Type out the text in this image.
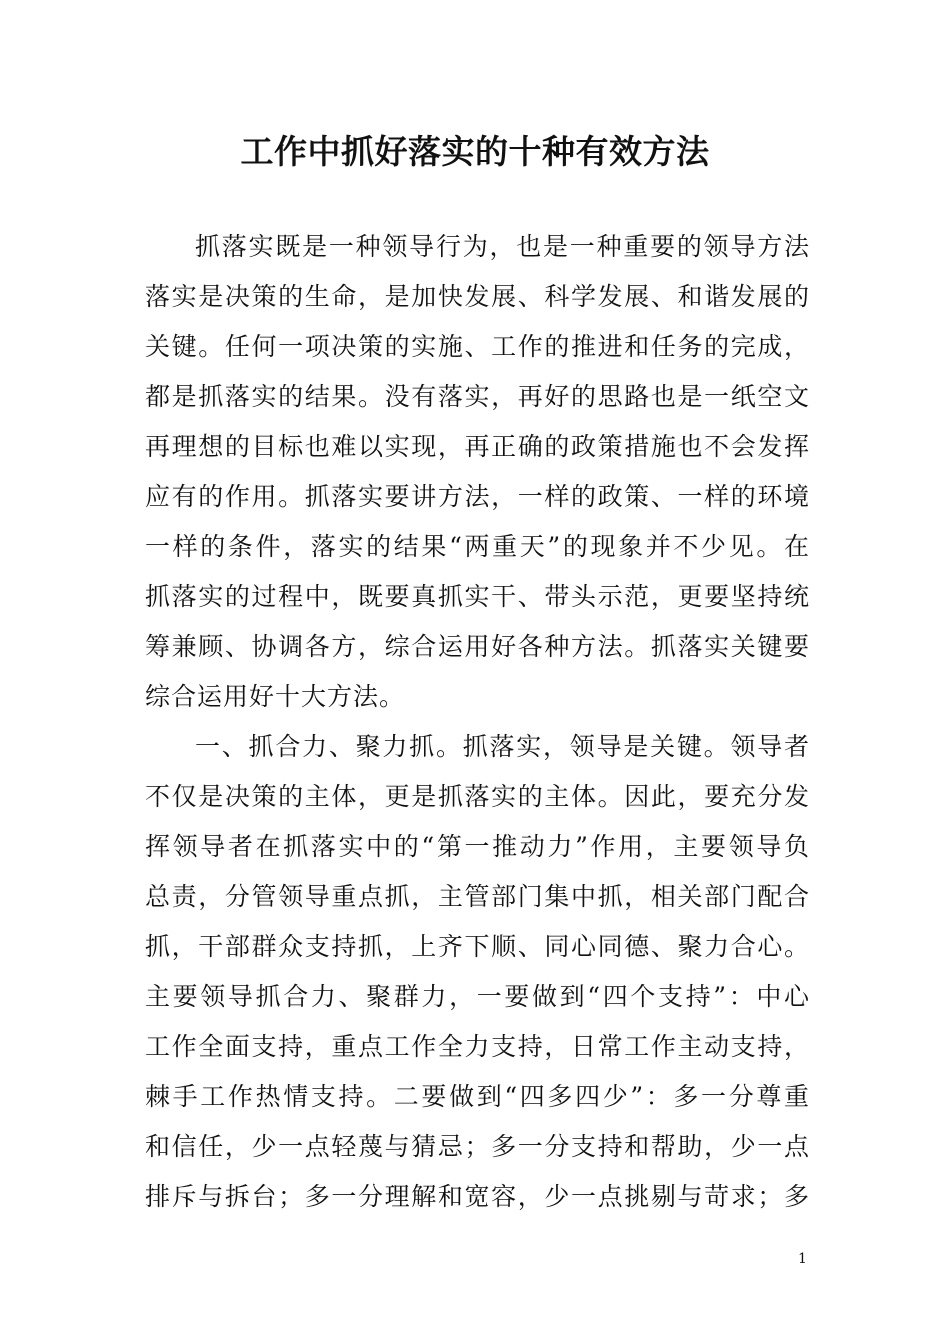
工作中抓好落实的十种有效方法

抓落实既是一种领导行为，也是一种重要的领导方法

落实是决策的生命，是加快发展、科学发展、和谐发展的

关键。任何一项决策的实施、工作的推进和任务的完成，

都是抓落实的结果。没有落实，再好的思路也是一纸空文

再理想的目标也难以实现，再正确的政策措施也不会发挥

应有的作用。抓落实要讲方法，一样的政策、一样的环境

一样的条件，落实的结果“两重天”的现象并不少见。在

抓落实的过程中，既要真抓实干、带头示范，更要坚持统

筹兼顾、协调各方，综合运用好各种方法。抓落实关键要

综合运用好十大方法。

一、抓合力、聚力抓。抓落实，领导是关键。领导者

不仅是决策的主体，更是抓落实的主体。因此，要充分发

挥领导者在抓落实中的“第一推动力”作用，主要领导负

总责，分管领导重点抓，主管部门集中抓，相关部门配合

抓，干部群众支持抓，上齐下顺、同心同德、聚力合心。

主要领导抓合力、聚群力，一要做到“四个支持”：中心

工作全面支持，重点工作全力支持，日常工作主动支持，

棘手工作热情支持。二要做到“四多四少”：多一分尊重

和信任，少一点轻蔑与猜忌；多一分支持和帮助，少一点

排斥与拆台；多一分理解和宽容，少一点挑剔与苛求；多

1
